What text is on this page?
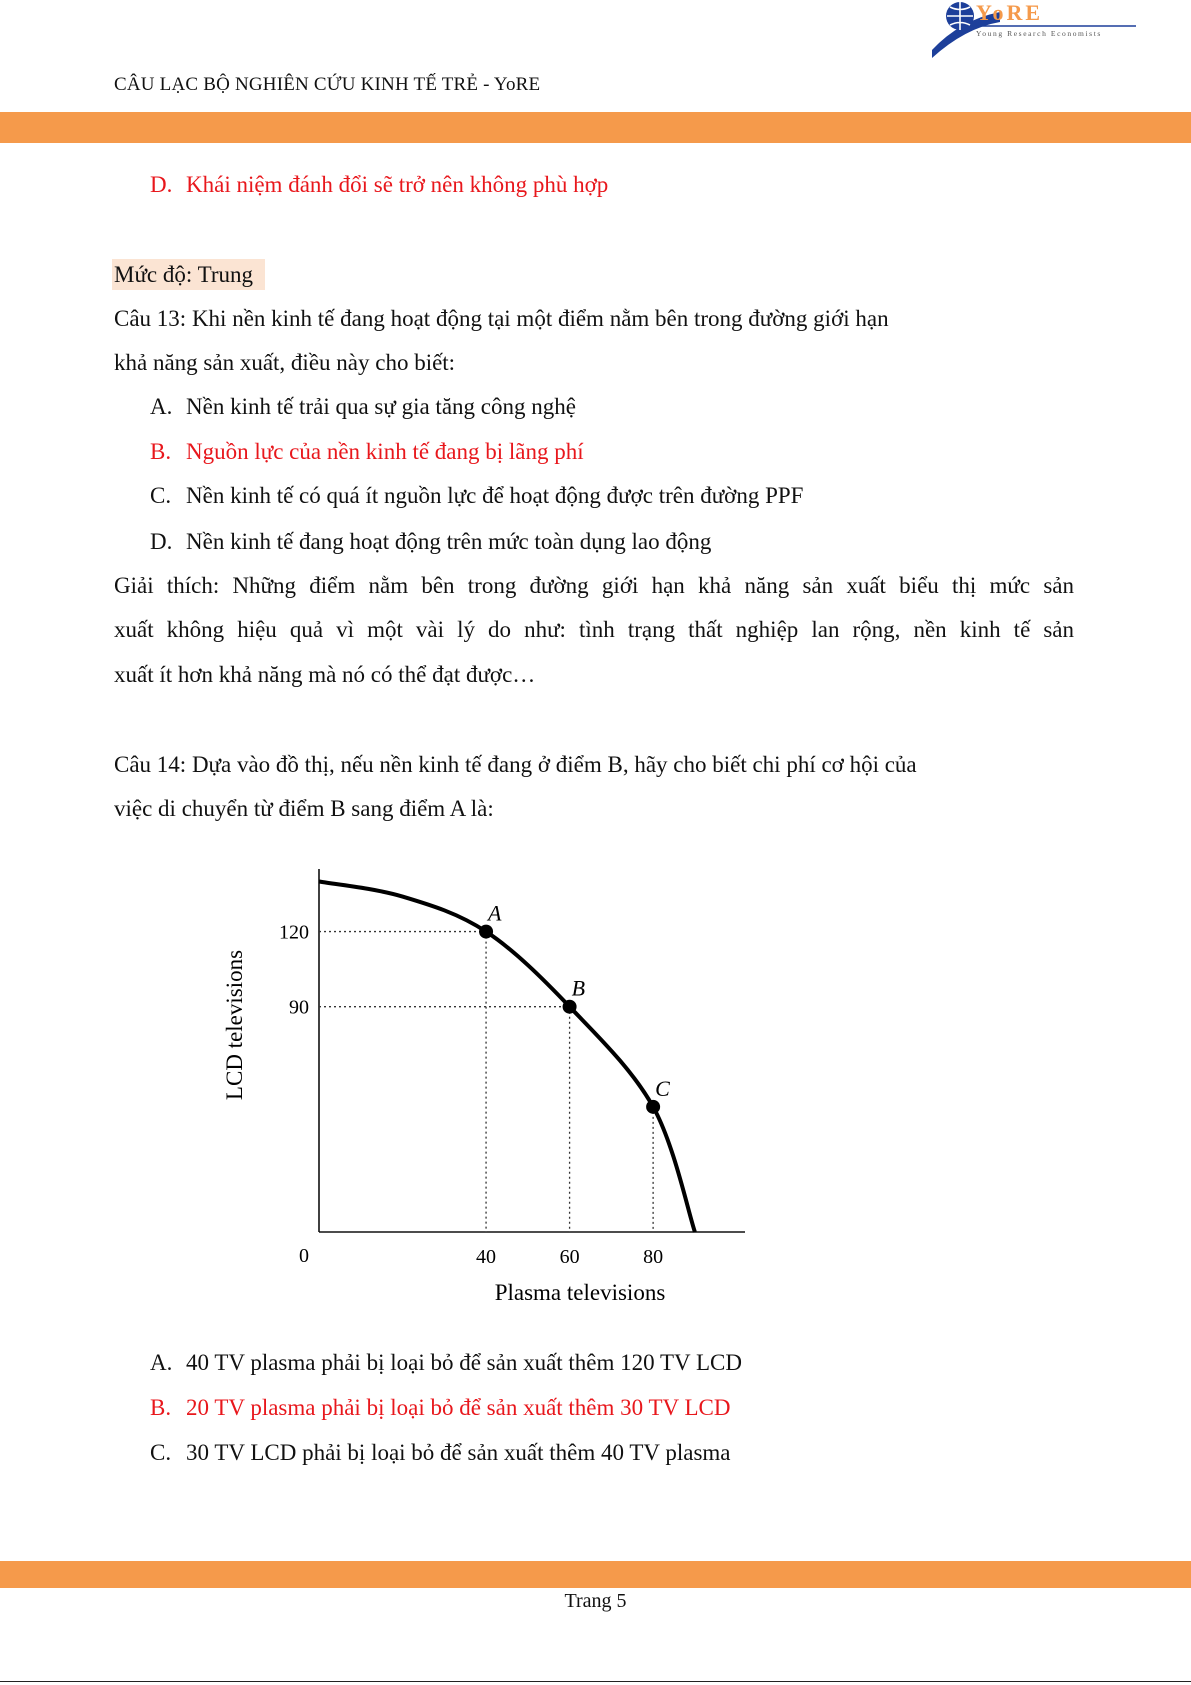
YoRE
Young Research Economists
CÂU LẠC BỘ NGHIÊN CỨU KINH TẾ TRẺ - YoRE
D. Khái niệm đánh đổi sẽ trở nên không phù hợp
Mức độ: Trung
Câu 13: Khi nền kinh tế đang hoạt động tại một điểm nằm bên trong đường giới hạn
khả năng sản xuất, điều này cho biết:
A. Nền kinh tế trải qua sự gia tăng công nghệ
B. Nguồn lực của nền kinh tế đang bị lãng phí
C. Nền kinh tế có quá ít nguồn lực để hoạt động được trên đường PPF
D. Nền kinh tế đang hoạt động trên mức toàn dụng lao động
Giải thích: Những điểm nằm bên trong đường giới hạn khả năng sản xuất biểu thị mức sản
xuất không hiệu quả vì một vài lý do như: tình trạng thất nghiệp lan rộng, nền kinh tế sản
xuất ít hơn khả năng mà nó có thể đạt được…
Câu 14: Dựa vào đồ thị, nếu nền kinh tế đang ở điểm B, hãy cho biết chi phí cơ hội của
việc di chuyển từ điểm B sang điểm A là:
A
B
C
40	60	80
90
120
0
Plasma televisions
LCD televisions
A. 40 TV plasma phải bị loại bỏ để sản xuất thêm 120 TV LCD
B. 20 TV plasma phải bị loại bỏ để sản xuất thêm 30 TV LCD
C. 30 TV LCD phải bị loại bỏ để sản xuất thêm 40 TV plasma
Trang 5
